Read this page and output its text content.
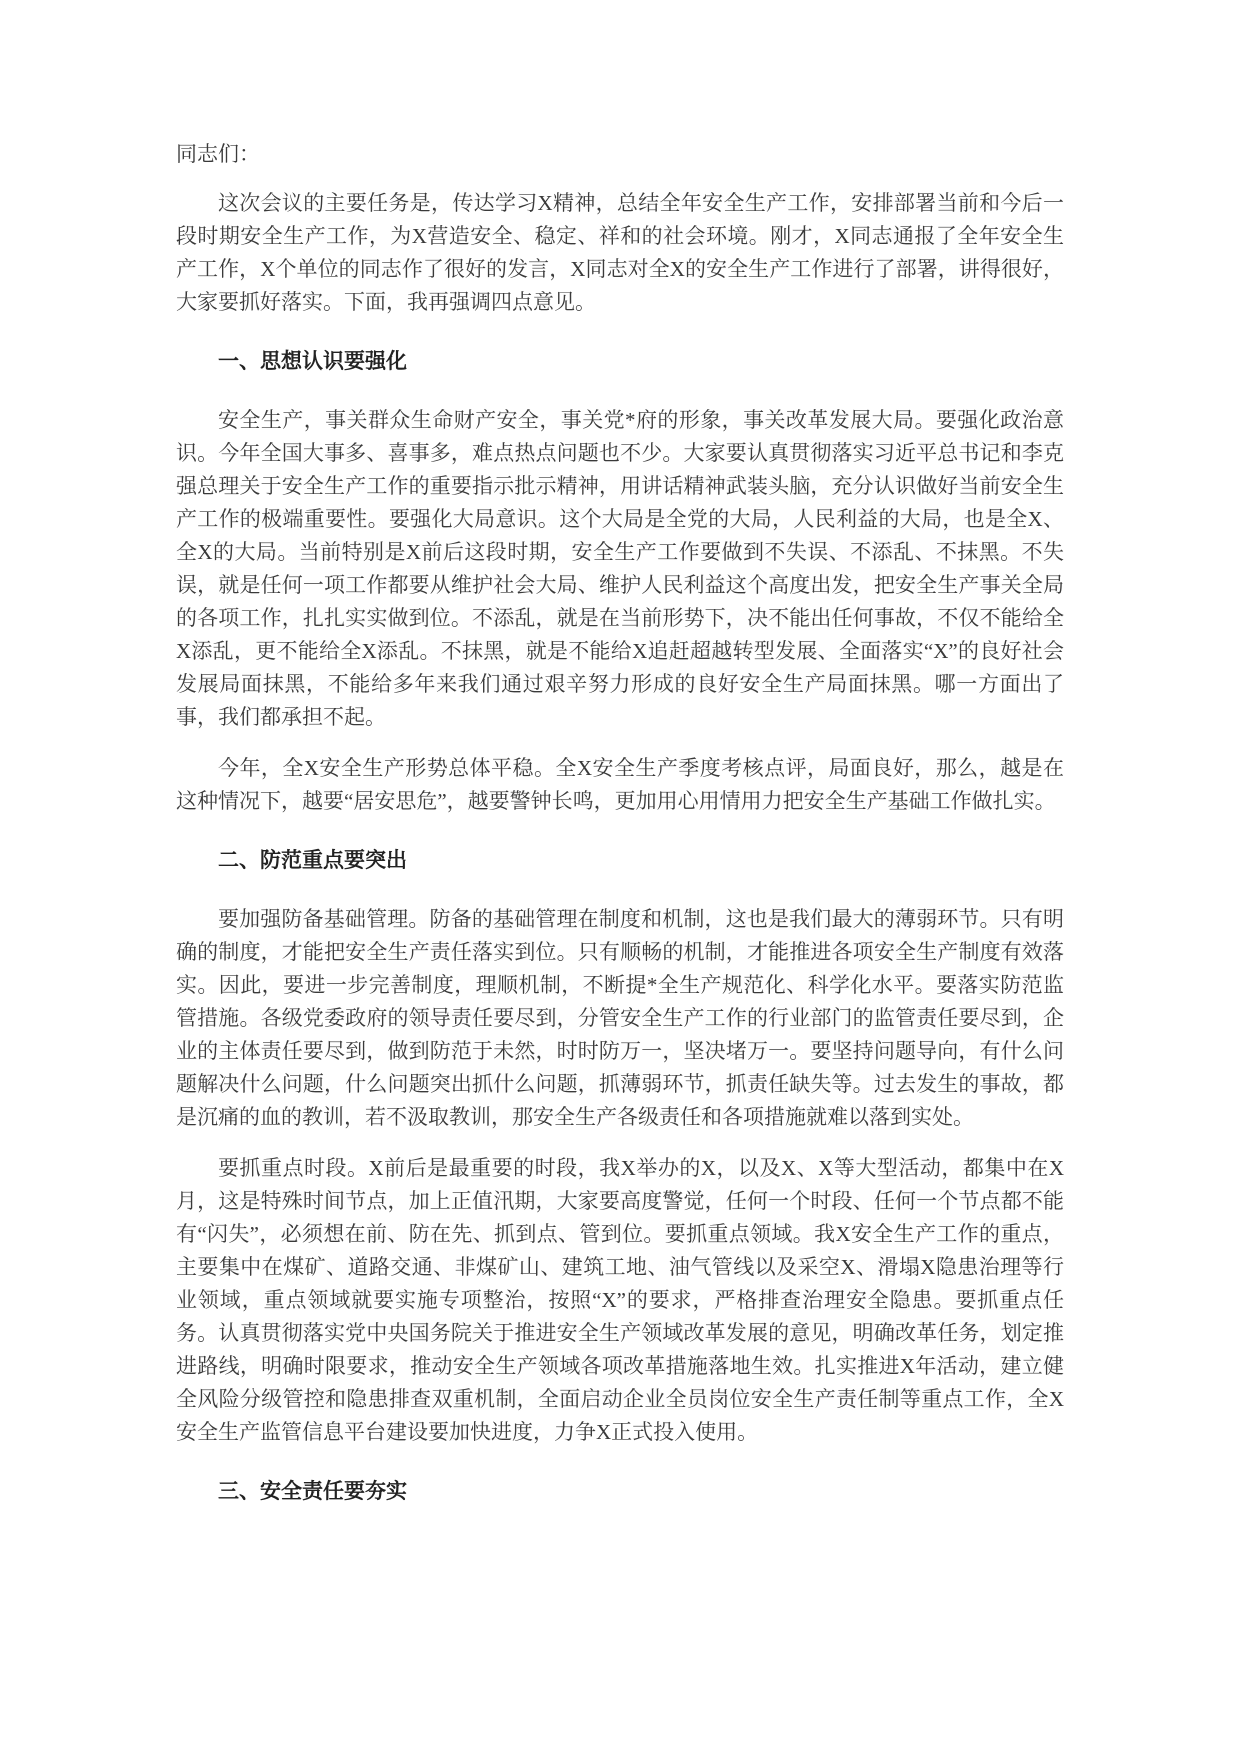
同志们：

这次会议的主要任务是，传达学习X精神，总结全年安全生产工作，安排部署当前和今后一段时期安全生产工作，为X营造安全、稳定、祥和的社会环境。刚才，X同志通报了全年安全生产工作，X个单位的同志作了很好的发言，X同志对全X的安全生产工作进行了部署，讲得很好，大家要抓好落实。下面，我再强调四点意见。

一、思想认识要强化

安全生产，事关群众生命财产安全，事关党*府的形象，事关改革发展大局。要强化政治意识。今年全国大事多、喜事多，难点热点问题也不少。大家要认真贯彻落实习近平总书记和李克强总理关于安全生产工作的重要指示批示精神，用讲话精神武装头脑，充分认识做好当前安全生产工作的极端重要性。要强化大局意识。这个大局是全党的大局，人民利益的大局，也是全X、全X的大局。当前特别是X前后这段时期，安全生产工作要做到不失误、不添乱、不抹黑。不失误，就是任何一项工作都要从维护社会大局、维护人民利益这个高度出发，把安全生产事关全局的各项工作，扎扎实实做到位。不添乱，就是在当前形势下，决不能出任何事故，不仅不能给全X添乱，更不能给全X添乱。不抹黑，就是不能给X追赶超越转型发展、全面落实“X”的良好社会发展局面抹黑，不能给多年来我们通过艰辛努力形成的良好安全生产局面抹黑。哪一方面出了事，我们都承担不起。

今年，全X安全生产形势总体平稳。全X安全生产季度考核点评，局面良好，那么，越是在这种情况下，越要“居安思危”，越要警钟长鸣，更加用心用情用力把安全生产基础工作做扎实。

二、防范重点要突出

要加强防备基础管理。防备的基础管理在制度和机制，这也是我们最大的薄弱环节。只有明确的制度，才能把安全生产责任落实到位。只有顺畅的机制，才能推进各项安全生产制度有效落实。因此，要进一步完善制度，理顺机制，不断提*全生产规范化、科学化水平。要落实防范监管措施。各级党委政府的领导责任要尽到，分管安全生产工作的行业部门的监管责任要尽到，企业的主体责任要尽到，做到防范于未然，时时防万一，坚决堵万一。要坚持问题导向，有什么问题解决什么问题，什么问题突出抓什么问题，抓薄弱环节，抓责任缺失等。过去发生的事故，都是沉痛的血的教训，若不汲取教训，那安全生产各级责任和各项措施就难以落到实处。

要抓重点时段。X前后是最重要的时段，我X举办的X，以及X、X等大型活动，都集中在X月，这是特殊时间节点，加上正值汛期，大家要高度警觉，任何一个时段、任何一个节点都不能有“闪失”，必须想在前、防在先、抓到点、管到位。要抓重点领域。我X安全生产工作的重点，主要集中在煤矿、道路交通、非煤矿山、建筑工地、油气管线以及采空X、滑塌X隐患治理等行业领域，重点领域就要实施专项整治，按照“X”的要求，严格排查治理安全隐患。要抓重点任务。认真贯彻落实党中央国务院关于推进安全生产领域改革发展的意见，明确改革任务，划定推进路线，明确时限要求，推动安全生产领域各项改革措施落地生效。扎实推进X年活动，建立健全风险分级管控和隐患排查双重机制，全面启动企业全员岗位安全生产责任制等重点工作，全X安全生产监管信息平台建设要加快进度，力争X正式投入使用。

三、安全责任要夯实
